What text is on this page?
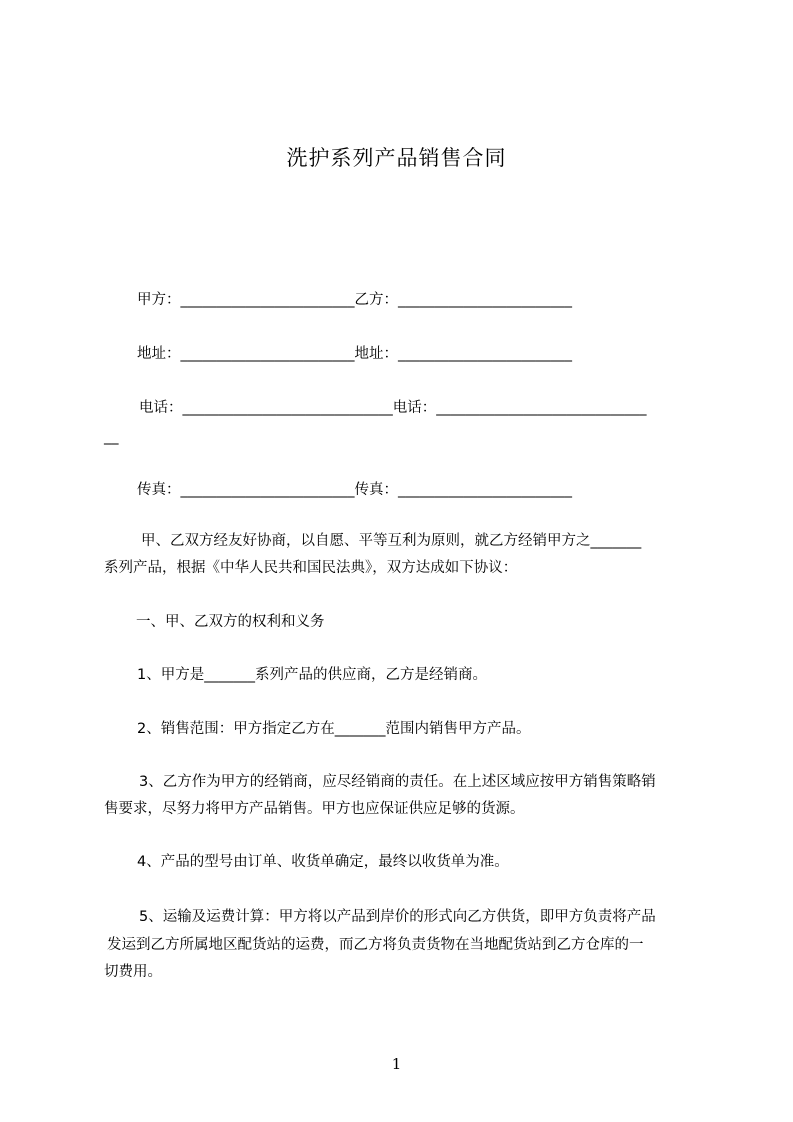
洗护系列产品销售合同
甲方：________________________乙方：________________________
地址：________________________地址：________________________
电话：_____________________________电话：_____________________________
__
传真：________________________传真：________________________
甲、乙双方经友好协商，以自愿、平等互利为原则，就乙方经销甲方之_______
系列产品，根据《中华人民共和国民法典》，双方达成如下协议：
一、甲、乙双方的权利和义务
1、甲方是_______系列产品的供应商，乙方是经销商。
2、销售范围：甲方指定乙方在_______范围内销售甲方产品。
3、乙方作为甲方的经销商，应尽经销商的责任。在上述区域应按甲方销售策略销
售要求，尽努力将甲方产品销售。甲方也应保证供应足够的货源。
4、产品的型号由订单、收货单确定，最终以收货单为准。
5、运输及运费计算：甲方将以产品到岸价的形式向乙方供货，即甲方负责将产品
发运到乙方所属地区配货站的运费，而乙方将负责货物在当地配货站到乙方仓库的一
切费用。
1
